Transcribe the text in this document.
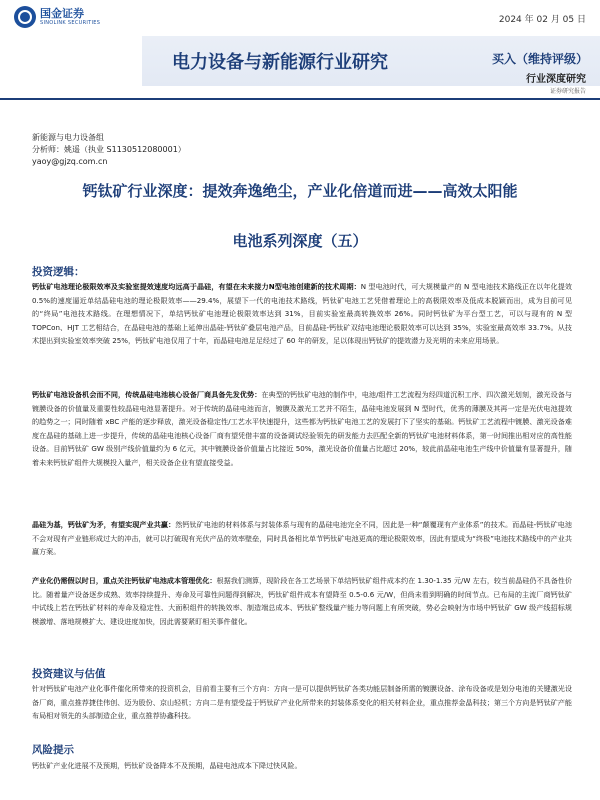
国金证券
SINOLINK SECURITIES	2024 年 02 月 05 日
电力设备与新能源行业研究	买入（维持评级）
行业深度研究
证券研究报告
新能源与电力设备组
分析师：姚遥（执业 S1130512080001）
yaoy@gjzq.com.cn
钙钛矿行业深度：提效奔逸绝尘，产业化倍道而进——高效太阳能
电池系列深度（五）
投资逻辑：
钙钛矿电池理论极限效率及实验室提效速度均远高于晶硅，有望在未来接力N型电池创建新的技术周期：N 型电池时代，可大规模量产的 N 型电池技术路线正在以年化提效 0.5%的速度逼近单结晶硅电池的理论极限效率——29.4%，展望下一代的电池技术路线，钙钛矿电池工艺凭借着理论上的高极限效率及低成本脱颖而出，成为目前可见的“终局”电池技术路线。在理想情况下，单结钙钛矿电池理论极限效率达到 31%，目前实验室最高转换效率 26%。同时钙钛矿为平台型工艺，可以与现有的 N 型 TOPCon、HJT 工艺相结合，在晶硅电池的基础上延伸出晶硅-钙钛矿叠层电池产品，目前晶硅-钙钛矿双结电池理论极限效率可以达到 35%，实验室最高效率 33.7%。从技术提出到实验室效率突破 25%，钙钛矿电池仅用了十年，而晶硅电池足足经过了 60 年的研发，足以体现出钙钛矿的提效潜力及光明的未来应用场景。
钙钛矿电池设备机会而不同，传统晶硅电池核心设备厂商具备先发优势：在典型的钙钛矿电池的制作中，电池/组件工艺流程为经四道沉积工序、四次激光划刻，激光设备与镀膜设备的价值量及重要性较晶硅电池显著提升。对于传统的晶硅电池而言，镀膜及激光工艺并不陌生，晶硅电池发展到 N 型时代，优秀的薄膜及其再一定是光伏电池提效的趋势之一；同时随着 xBC 产能的逐步释放，激光设备稳定性/工艺水平快速提升，这些都为钙钛矿电池工艺的发展打下了坚实的基础。钙钛矿工艺流程中镀膜、激光设备难度在晶硅的基础上进一步提升，传统的晶硅电池核心设备厂商有望凭借丰富的设备调试经验领先的研发能力去匹配全新的钙钛矿电池材料体系，第一时间推出相对应的高性能设备。目前钙钛矿 GW 级别产线价值量约为 6 亿元，其中镀膜设备价值量占比接近 50%，激光设备价值量占比超过 20%，较此前晶硅电池生产线中价值量有显著提升，随着未来钙钛矿组件大规模投入量产，相关设备企业有望直接受益。
晶硅为基，钙钛矿为矛，有望实现产业共赢：然钙钛矿电池的材料体系与封装体系与现有的晶硅电池完全不同，因此是一种“颠覆现有产业体系”的技术。而晶硅-钙钛矿电池不会对现有产业链形成过大的冲击，就可以打破现有光伏产品的效率壁垒，同时具备相比单节钙钛矿电池更高的理论极限效率，因此有望成为“终极”电池技术路线中的产业共赢方案。
产业化仍需假以时日，重点关注钙钛矿电池成本管理优化：根据我们测算，现阶段在各工艺场景下单结钙钛矿组件成本约在 1.30-1.35 元/W 左右，较当前晶硅仍不具备性价比。随着量产设备逐步成熟、效率持续提升、寿命及可靠性问题得到解决，钙钛矿组件成本有望降至 0.5-0.6 元/W，但尚未看到明确的时间节点。已布局的主流厂商钙钛矿中试线上若在钙钛矿材料的寿命及稳定性、大面积组件的转换效率、制造端总成本、钙钛矿整线量产能力等问题上有所突破，势必会映射为市场中钙钛矿 GW 级产线招标规模激增、落地规模扩大、建设进度加快，因此需要紧盯相关事件催化。
投资建议与估值
针对钙钛矿电池产业化事件催化所带来的投资机会，目前看主要有三个方向：方向一是可以提供钙钛矿各类功能层制备所需的镀膜设备、涂布设备或是划分电池的关键激光设备厂商，重点推荐捷佳伟创、迈为股份、京山轻机；方向二是有望受益于钙钛矿产业化所带来的封装体系变化的相关材料企业，重点推荐金晶科技；第三个方向是钙钛矿产能布局相对领先的头部制造企业，重点推荐协鑫科技。
风险提示
钙钛矿产业化进展不及预期，钙钛矿设备降本不及预期，晶硅电池成本下降过快风险。
